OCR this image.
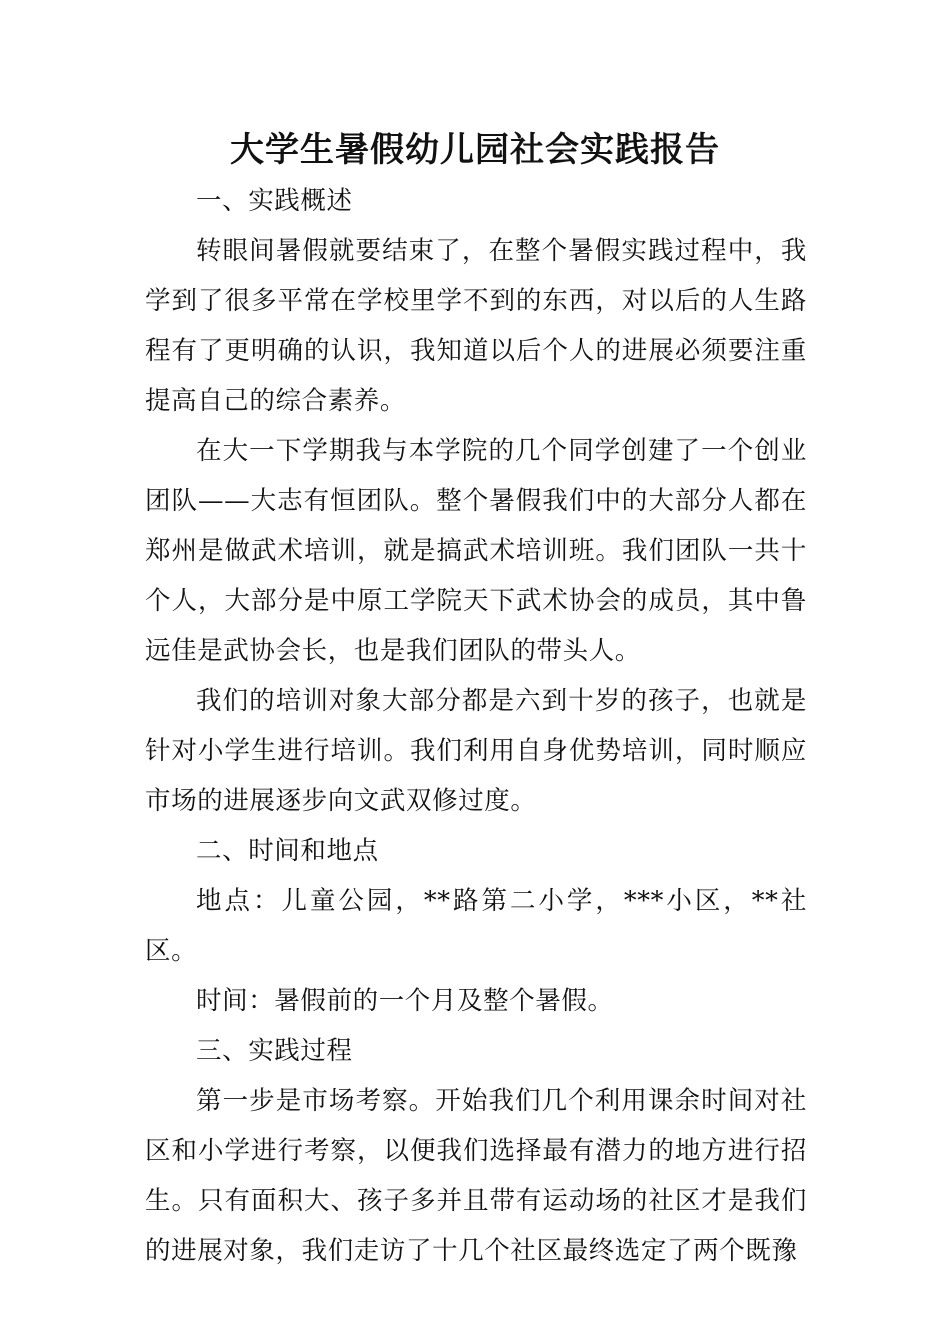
大学生暑假幼儿园社会实践报告

一、实践概述

转眼间暑假就要结束了，在整个暑假实践过程中，我学到了很多平常在学校里学不到的东西，对以后的人生路程有了更明确的认识，我知道以后个人的进展必须要注重提高自己的综合素养。

在大一下学期我与本学院的几个同学创建了一个创业团队——大志有恒团队。整个暑假我们中的大部分人都在郑州是做武术培训，就是搞武术培训班。我们团队一共十个人，大部分是中原工学院天下武术协会的成员，其中鲁远佳是武协会长，也是我们团队的带头人。

我们的培训对象大部分都是六到十岁的孩子，也就是针对小学生进行培训。我们利用自身优势培训，同时顺应市场的进展逐步向文武双修过度。

二、时间和地点

地点：儿童公园，**路第二小学，***小区，**社区。

时间：暑假前的一个月及整个暑假。

三、实践过程

第一步是市场考察。开始我们几个利用课余时间对社区和小学进行考察，以便我们选择最有潜力的地方进行招生。只有面积大、孩子多并且带有运动场的社区才是我们的进展对象，我们走访了十几个社区最终选定了两个既豫
